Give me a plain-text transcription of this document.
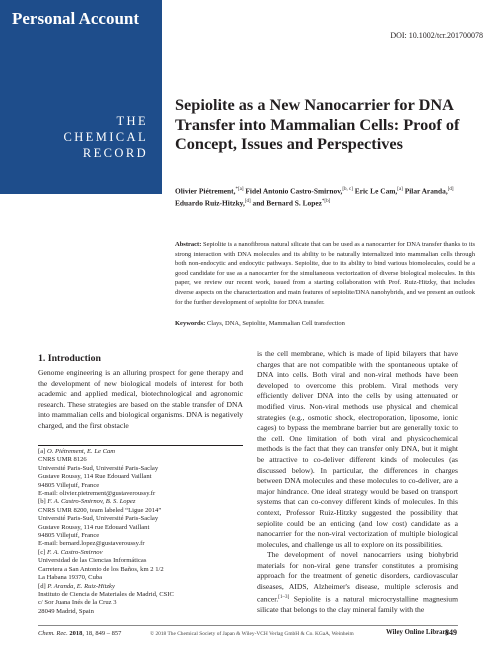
Personal Account
THE
CHEMICAL
RECORD
DOI: 10.1002/tcr.201700078
Sepiolite as a New Nanocarrier for DNA
Transfer into Mammalian Cells: Proof of
Concept, Issues and Perspectives
Olivier Piétrement,$^{*[a]}$ Fidel Antonio Castro-Smirnov,[b, c] Eric Le Cam,[a] Pilar Aranda,[d]
Eduardo Ruiz-Hitzky,[d] and Bernard S. Lopez$^{*[b]}$
Abstract: Sepiolite is a nanofibrous natural silicate that can be used as a nanocarrier for DNA transfer thanks to its strong interaction with DNA molecules and its ability to be naturally internalized into mammalian cells through both non-endocytic and endocytic pathways. Sepiolite, due to its ability to bind various biomolecules, could be a good candidate for use as a nanocarrier for the simultaneous vectorization of diverse biological molecules. In this paper, we review our recent work, issued from a starting collaboration with Prof. Ruiz-Hitzky, that includes diverse aspects on the characterization and main features of sepiolite/DNA nanohybrids, and we present an outlook for the further development of sepiolite for DNA transfer.
Keywords: Clays, DNA, Sepiolite, Mammalian Cell transfection
1. Introduction

Genome engineering is an alluring prospect for gene therapy and the development of new biological models of interest for both academic and applied medical, biotechnological and agronomic research. These strategies are based on the stable transfer of DNA into mammalian cells and biological organisms. DNA is negatively charged, and the first obstacle

is the cell membrane, which is made of lipid bilayers that have charges that are not compatible with the spontaneous uptake of DNA into cells. Both viral and non-viral methods have been developed to overcome this problem. Viral methods very efficiently deliver DNA into the cells by using attenuated or modified virus. Non-viral methods use physical and chemical strategies (e.g., osmotic shock, electroporation, liposome, ionic cages) to bypass the membrane barrier but are generally toxic to the cell. One limitation of both viral and physicochemical methods is the fact that they can transfer only DNA, but it might be attractive to co-deliver different kinds of molecules (as discussed below). In particular, the differences in charges between DNA molecules and these molecules to co-deliver, are a major hindrance. One ideal strategy would be based on transport systems that can co-convey different kinds of molecules. In this context, Professor Ruiz-Hitzky suggested the possibility that sepiolite could be an enticing (and low cost) candidate as a nanocarrier for the non-viral vectorization of multiple biological molecules, and challenge us all to explore on its possibilities.

The development of novel nanocarriers using biohybrid materials for non-viral gene transfer constitutes a promising approach for the treatment of genetic disorders, cardiovascular diseases, AIDS, Alzheimer's disease, multiple sclerosis and cancer.[1–3] Sepiolite is a natural microcrystalline magnesium silicate that belongs to the clay mineral family with the

[a] O. Piétrement, E. Le Cam
CNRS UMR 8126
Université Paris-Sud, Université Paris-Saclay
Gustave Roussy, 114 Rue Edouard Vaillant
94805 Villejuif, France
E-mail: olivier.pietrement@gustaveroussy.fr
[b] F. A. Castro-Smirnov, B. S. Lopez
CNRS UMR 8200, team labeled “Ligue 2014”
Université Paris-Sud, Université Paris-Saclay
Gustave Roussy, 114 rue Edouard Vaillant
94805 Villejuif, France
E-mail: bernard.lopez@gustaveroussy.fr
[c] F. A. Castro-Smirnov
Universidad de las Ciencias Informáticas
Carretera a San Antonio de los Baños, km 2 1/2
La Habana 19370, Cuba
[d] P. Aranda, E. Ruiz-Hitzky
Instituto de Ciencia de Materiales de Madrid, CSIC
c/ Sor Juana Inés de la Cruz 3
28049 Madrid, Spain
Chem. Rec. 2018, 18, 849 – 857	© 2018 The Chemical Society of Japan & Wiley-VCH Verlag GmbH & Co. KGaA, Weinheim	Wiley Online Library
849
